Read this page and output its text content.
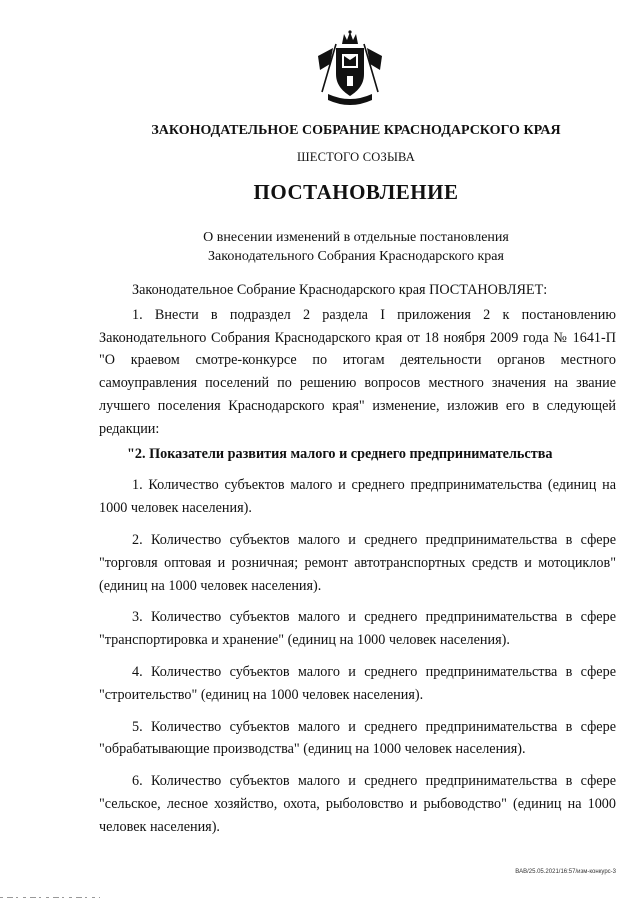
ЗАКОНОДАТЕЛЬНОЕ СОБРАНИЕ КРАСНОДАРСКОГО КРАЯ
ШЕСТОГО СОЗЫВА
ПОСТАНОВЛЕНИЕ
О внесении изменений в отдельные постановления
Законодательного Собрания Краснодарского края

Законодательное Собрание Краснодарского края ПОСТАНОВЛЯЕТ:

1. Внести в подраздел 2 раздела I приложения 2 к постановлению Законодательного Собрания Краснодарского края от 18 ноября 2009 года № 1641-П "О краевом смотре-конкурсе по итогам деятельности органов местного самоуправления поселений по решению вопросов местного значения на звание лучшего поселения Краснодарского края" изменение, изложив его в следующей редакции:

"2. Показатели развития малого и среднего предпринимательства

1. Количество субъектов малого и среднего предпринимательства (единиц на 1000 человек населения).

2. Количество субъектов малого и среднего предпринимательства в сфере "торговля оптовая и розничная; ремонт автотранспортных средств и мотоциклов" (единиц на 1000 человек населения).

3. Количество субъектов малого и среднего предпринимательства в сфере "транспортировка и хранение" (единиц на 1000 человек населения).

4. Количество субъектов малого и среднего предпринимательства в сфере "строительство" (единиц на 1000 человек населения).

5. Количество субъектов малого и среднего предпринимательства в сфере "обрабатывающие производства" (единиц на 1000 человек населения).

6. Количество субъектов малого и среднего предпринимательства в сфере "сельское, лесное хозяйство, охота, рыболовство и рыбоводство" (единиц на 1000 человек населения).

ВАВ/25.05.2021/16:57/изм-конкурс-3
